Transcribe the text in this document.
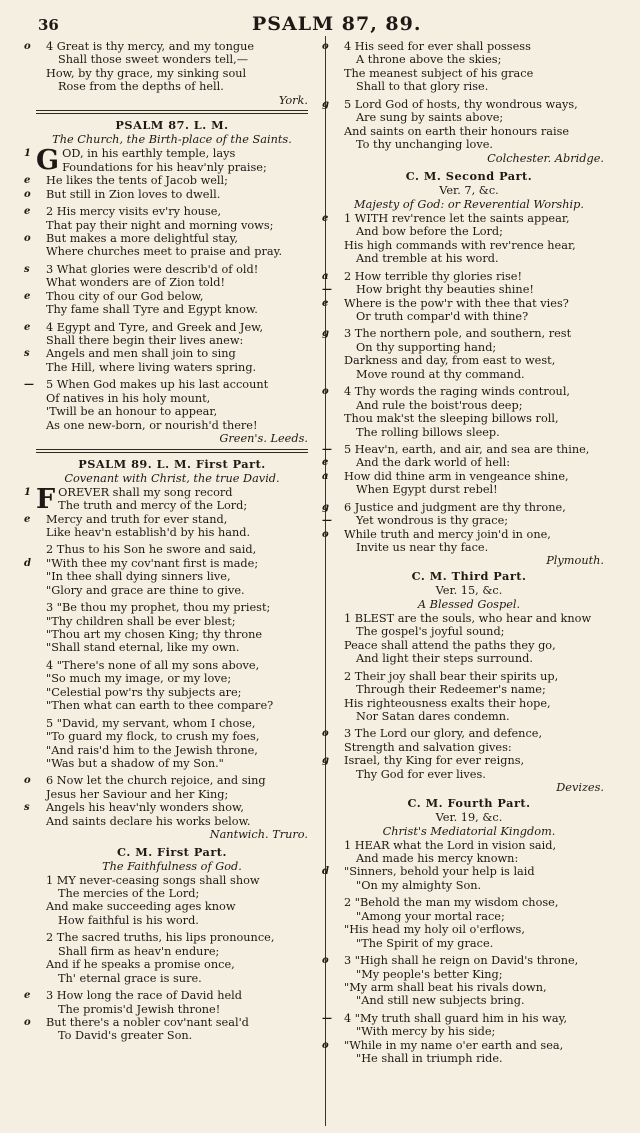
36	PSALM 87, 89.
o 4 Great is thy mercy, and my tongue
Shall those sweet wonders tell,—
How, by thy grace, my sinking soul
Rose from the depths of hell.
York.
PSALM 87. L. M.
The Church, the Birth-place of the Saints.
1 G OD, in his earthly temple, lays
Foundations for his heav'nly praise;
e He likes the tents of Jacob well;
o But still in Zion loves to dwell.
e 2 His mercy visits ev'ry house,
That pay their night and morning vows;
o But makes a more delightful stay,
Where churches meet to praise and pray.
s 3 What glories were describ'd of old!
What wonders are of Zion told!
e Thou city of our God below,
Thy fame shall Tyre and Egypt know.
e 4 Egypt and Tyre, and Greek and Jew,
Shall there begin their lives anew:
s Angels and men shall join to sing
The Hill, where living waters spring.
— 5 When God makes up his last account
Of natives in his holy mount,
'Twill be an honour to appear,
As one new-born, or nourish'd there!
Green's. Leeds.
PSALM 89. L. M. First Part.
Covenant with Christ, the true David.
1 F OREVER shall my song record
The truth and mercy of the Lord;
e Mercy and truth for ever stand,
Like heav'n establish'd by his hand.
2 Thus to his Son he swore and said,
d "With thee my cov'nant first is made;
"In thee shall dying sinners live,
"Glory and grace are thine to give.
3 "Be thou my prophet, thou my priest;
"Thy children shall be ever blest;
"Thou art my chosen King; thy throne
"Shall stand eternal, like my own.
4 "There's none of all my sons above,
"So much my image, or my love;
"Celestial pow'rs thy subjects are;
"Then what can earth to thee compare?
5 "David, my servant, whom I chose,
"To guard my flock, to crush my foes,
"And rais'd him to the Jewish throne,
"Was but a shadow of my Son."
o 6 Now let the church rejoice, and sing
Jesus her Saviour and her King;
s Angels his heav'nly wonders show,
And saints declare his works below.
Nantwich. Truro.
C. M. First Part.
The Faithfulness of God.
1 MY never-ceasing songs shall show
The mercies of the Lord;
And make succeeding ages know
How faithful is his word.
2 The sacred truths, his lips pronounce,
Shall firm as heav'n endure;
And if he speaks a promise once,
Th' eternal grace is sure.
e 3 How long the race of David held
The promis'd Jewish throne!
o But there's a nobler cov'nant seal'd
To David's greater Son.
o 4 His seed for ever shall possess
A throne above the skies;
The meanest subject of his grace
Shall to that glory rise.
g 5 Lord God of hosts, thy wondrous ways,
Are sung by saints above;
And saints on earth their honours raise
To thy unchanging love.
Colchester. Abridge.
C. M. Second Part.
Ver. 7, &c.
Majesty of God: or Reverential Worship.
e 1 WITH rev'rence let the saints appear,
And bow before the Lord;
His high commands with rev'rence hear,
And tremble at his word.
a 2 How terrible thy glories rise!
— How bright thy beauties shine!
e Where is the pow'r with thee that vies?
Or truth compar'd with thine?
g 3 The northern pole, and southern, rest
On thy supporting hand;
Darkness and day, from east to west,
Move round at thy command.
o 4 Thy words the raging winds controul,
And rule the boist'rous deep;
Thou mak'st the sleeping billows roll,
The rolling billows sleep.
— 5 Heav'n, earth, and air, and sea are thine,
e And the dark world of hell:
a How did thine arm in vengeance shine,
When Egypt durst rebel!
g 6 Justice and judgment are thy throne,
— Yet wondrous is thy grace;
o While truth and mercy join'd in one,
Invite us near thy face.
Plymouth.
C. M. Third Part.
Ver. 15, &c.
A Blessed Gospel.
1 BLEST are the souls, who hear and know
The gospel's joyful sound;
Peace shall attend the paths they go,
And light their steps surround.
2 Their joy shall bear their spirits up,
Through their Redeemer's name;
His righteousness exalts their hope,
Nor Satan dares condemn.
o 3 The Lord our glory, and defence,
Strength and salvation gives:
g Israel, thy King for ever reigns,
Thy God for ever lives.
Devizes.
C. M. Fourth Part.
Ver. 19, &c.
Christ's Mediatorial Kingdom.
1 HEAR what the Lord in vision said,
And made his mercy known:
d "Sinners, behold your help is laid
"On my almighty Son.
2 "Behold the man my wisdom chose,
"Among your mortal race;
"His head my holy oil o'erflows,
"The Spirit of my grace.
o 3 "High shall he reign on David's throne,
"My people's better King;
"My arm shall beat his rivals down,
"And still new subjects bring.
— 4 "My truth shall guard him in his way,
"With mercy by his side;
o "While in my name o'er earth and sea,
"He shall in triumph ride.
